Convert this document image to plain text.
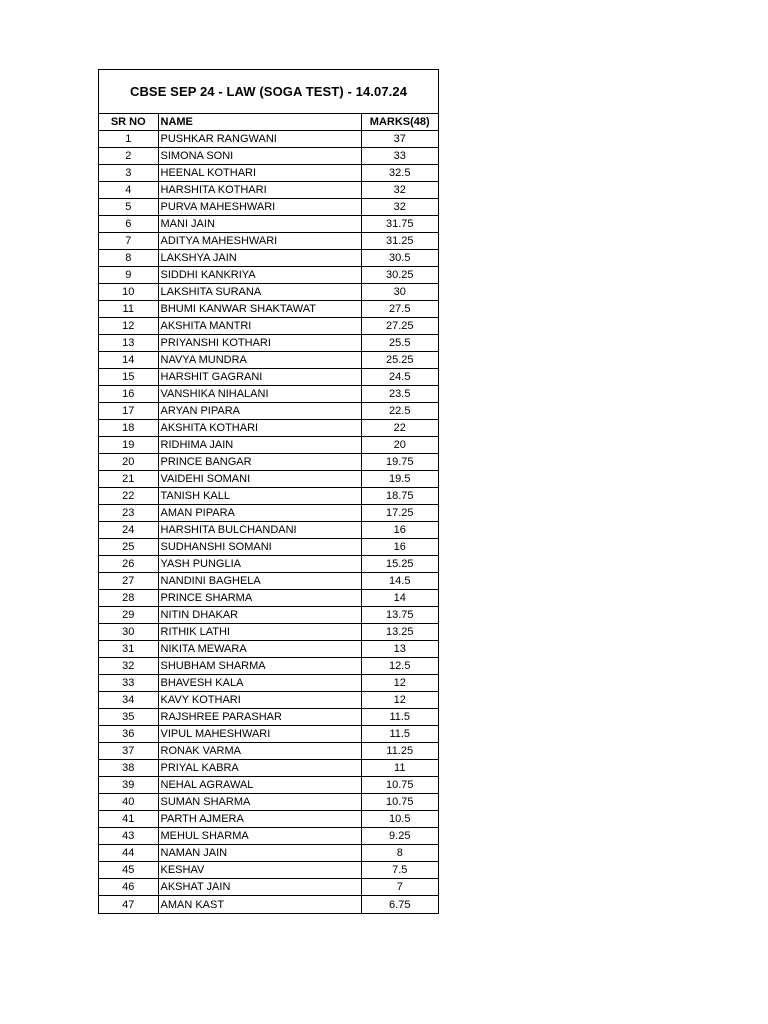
CBSE SEP 24 - LAW (SOGA TEST) - 14.07.24
SR NO	NAME	MARKS(48)
1	PUSHKAR RANGWANI	37
2	SIMONA SONI	33
3	HEENAL KOTHARI	32.5
4	HARSHITA KOTHARI	32
5	PURVA MAHESHWARI	32
6	MANI JAIN	31.75
7	ADITYA MAHESHWARI	31.25
8	LAKSHYA JAIN	30.5
9	SIDDHI KANKRIYA	30.25
10	LAKSHITA SURANA	30
11	BHUMI KANWAR SHAKTAWAT	27.5
12	AKSHITA MANTRI	27.25
13	PRIYANSHI KOTHARI	25.5
14	NAVYA MUNDRA	25.25
15	HARSHIT GAGRANI	24.5
16	VANSHIKA NIHALANI	23.5
17	ARYAN PIPARA	22.5
18	AKSHITA KOTHARI	22
19	RIDHIMA JAIN	20
20	PRINCE BANGAR	19.75
21	VAIDEHI SOMANI	19.5
22	TANISH KALL	18.75
23	AMAN PIPARA	17.25
24	HARSHITA BULCHANDANI	16
25	SUDHANSHI SOMANI	16
26	YASH PUNGLIA	15.25
27	NANDINI BAGHELA	14.5
28	PRINCE SHARMA	14
29	NITIN DHAKAR	13.75
30	RITHIK LATHI	13.25
31	NIKITA MEWARA	13
32	SHUBHAM SHARMA	12.5
33	BHAVESH KALA	12
34	KAVY KOTHARI	12
35	RAJSHREE PARASHAR	11.5
36	VIPUL MAHESHWARI	11.5
37	RONAK VARMA	11.25
38	PRIYAL KABRA	11
39	NEHAL AGRAWAL	10.75
40	SUMAN SHARMA	10.75
41	PARTH AJMERA	10.5
43	MEHUL SHARMA	9.25
44	NAMAN JAIN	8
45	KESHAV	7.5
46	AKSHAT JAIN	7
47	AMAN KAST	6.75
